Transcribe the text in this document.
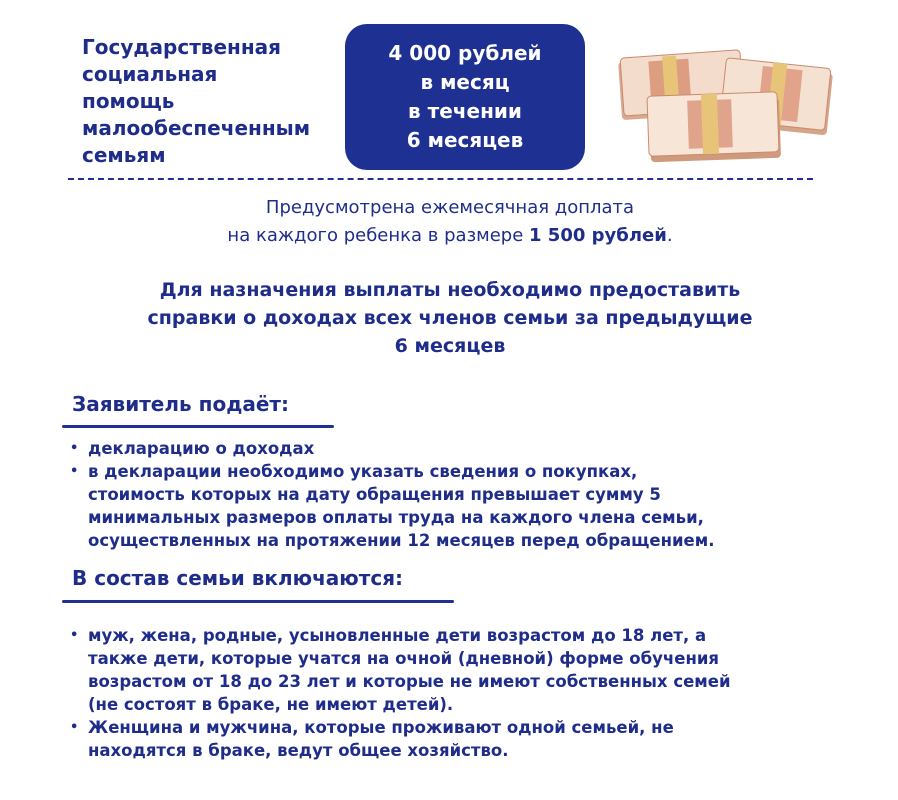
Государственная
социальная
помощь
малообеспеченным
семьям
4 000 рублей
в месяц
в течении
6 месяцев
Предусмотрена ежемесячная доплата
на каждого ребенка в размере 1 500 рублей.
Для назначения выплаты необходимо предоставить
справки о доходах всех членов семьи за предыдущие
6 месяцев
Заявитель подаёт:
• декларацию о доходах
• в декларации необходимо указать сведения о покупках,
стоимость которых на дату обращения превышает сумму 5
минимальных размеров оплаты труда на каждого члена семьи,
осуществленных на протяжении 12 месяцев перед обращением.
В состав семьи включаются:
• муж, жена, родные, усыновленные дети возрастом до 18 лет, а
также дети, которые учатся на очной (дневной) форме обучения
возрастом от 18 до 23 лет и которые не имеют собственных семей
(не состоят в браке, не имеют детей).
• Женщина и мужчина, которые проживают одной семьей, не
находятся в браке, ведут общее хозяйство.
